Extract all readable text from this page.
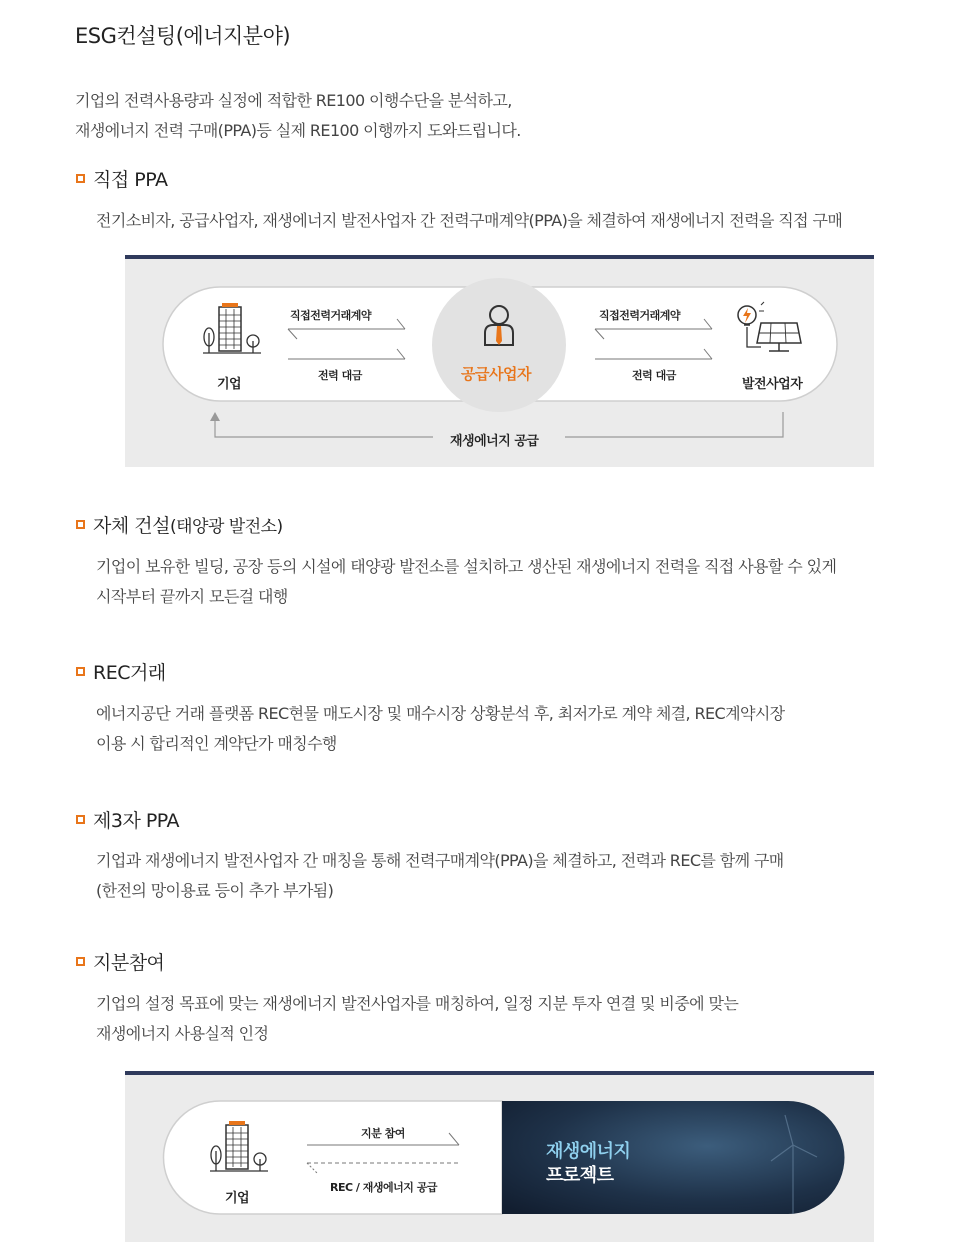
ESG컨설팅(에너지분야)
기업의 전력사용량과 실정에 적합한 RE100 이행수단을 분석하고,
재생에너지 전력 구매(PPA)등 실제 RE100 이행까지 도와드립니다.
직접 PPA
전기소비자, 공급사업자, 재생에너지 발전사업자 간 전력구매계약(PPA)을 체결하여 재생에너지 전력을 직접 구매
기업
직접전력거래계약
전력 대금	공급사업자
직접전력거래계약
전력 대금
발전사업자
재생에너지 공급
자체 건설 (태양광 발전소)
기업이 보유한 빌딩, 공장 등의 시설에 태양광 발전소를 설치하고 생산된 재생에너지 전력을 직접 사용할 수 있게
시작부터 끝까지 모든걸 대행
REC거래
에너지공단 거래 플랫폼 REC현물 매도시장 및 매수시장 상황분석 후, 최저가로 계약 체결, REC계약시장
이용 시 합리적인 계약단가 매칭수행
제3자 PPA
기업과 재생에너지 발전사업자 간 매칭을 통해 전력구매계약(PPA)을 체결하고, 전력과 REC를 함께 구매
(한전의 망이용료 등이 추가 부가됨)
지분참여
기업의 설정 목표에 맞는 재생에너지 발전사업자를 매칭하여, 일정 지분 투자 연결 및 비중에 맞는
재생에너지 사용실적 인정
기업
지분 참여
REC / 재생에너지 공급
재생에너지
프로젝트
